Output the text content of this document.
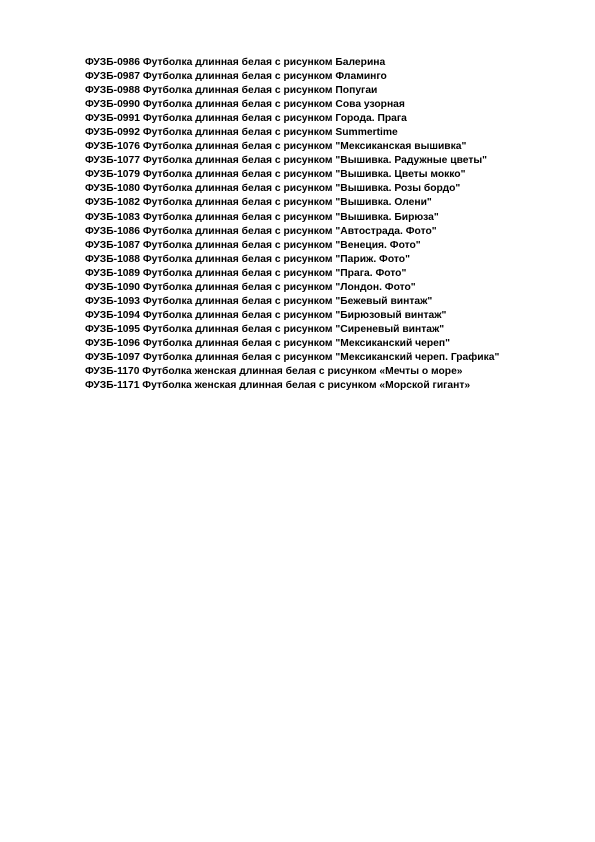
ФУЗБ-0986 Футболка длинная белая с рисунком Балерина
ФУЗБ-0987 Футболка длинная белая с рисунком Фламинго
ФУЗБ-0988 Футболка длинная белая с рисунком Попугаи
ФУЗБ-0990 Футболка длинная белая с рисунком Сова узорная
ФУЗБ-0991 Футболка длинная белая с рисунком Города. Прага
ФУЗБ-0992 Футболка длинная белая с рисунком Summertime
ФУЗБ-1076 Футболка длинная белая с рисунком "Мексиканская вышивка"
ФУЗБ-1077 Футболка длинная белая с рисунком "Вышивка. Радужные цветы"
ФУЗБ-1079 Футболка длинная белая с рисунком "Вышивка. Цветы мокко"
ФУЗБ-1080 Футболка длинная белая с рисунком "Вышивка. Розы бордо"
ФУЗБ-1082 Футболка длинная белая с рисунком "Вышивка. Олени"
ФУЗБ-1083 Футболка длинная белая с рисунком "Вышивка. Бирюза"
ФУЗБ-1086 Футболка длинная белая с рисунком "Автострада. Фото"
ФУЗБ-1087 Футболка длинная белая с рисунком "Венеция. Фото"
ФУЗБ-1088 Футболка длинная белая с рисунком "Париж. Фото"
ФУЗБ-1089 Футболка длинная белая с рисунком "Прага. Фото"
ФУЗБ-1090 Футболка длинная белая с рисунком "Лондон. Фото"
ФУЗБ-1093 Футболка длинная белая с рисунком "Бежевый винтаж"
ФУЗБ-1094 Футболка длинная белая с рисунком "Бирюзовый винтаж"
ФУЗБ-1095 Футболка длинная белая с рисунком "Сиреневый винтаж"
ФУЗБ-1096 Футболка длинная белая с рисунком "Мексиканский череп"
ФУЗБ-1097 Футболка длинная белая с рисунком "Мексиканский череп. Графика"
ФУЗБ-1170 Футболка женская длинная белая с рисунком «Мечты о море»
ФУЗБ-1171 Футболка женская длинная белая с рисунком «Морской гигант»
